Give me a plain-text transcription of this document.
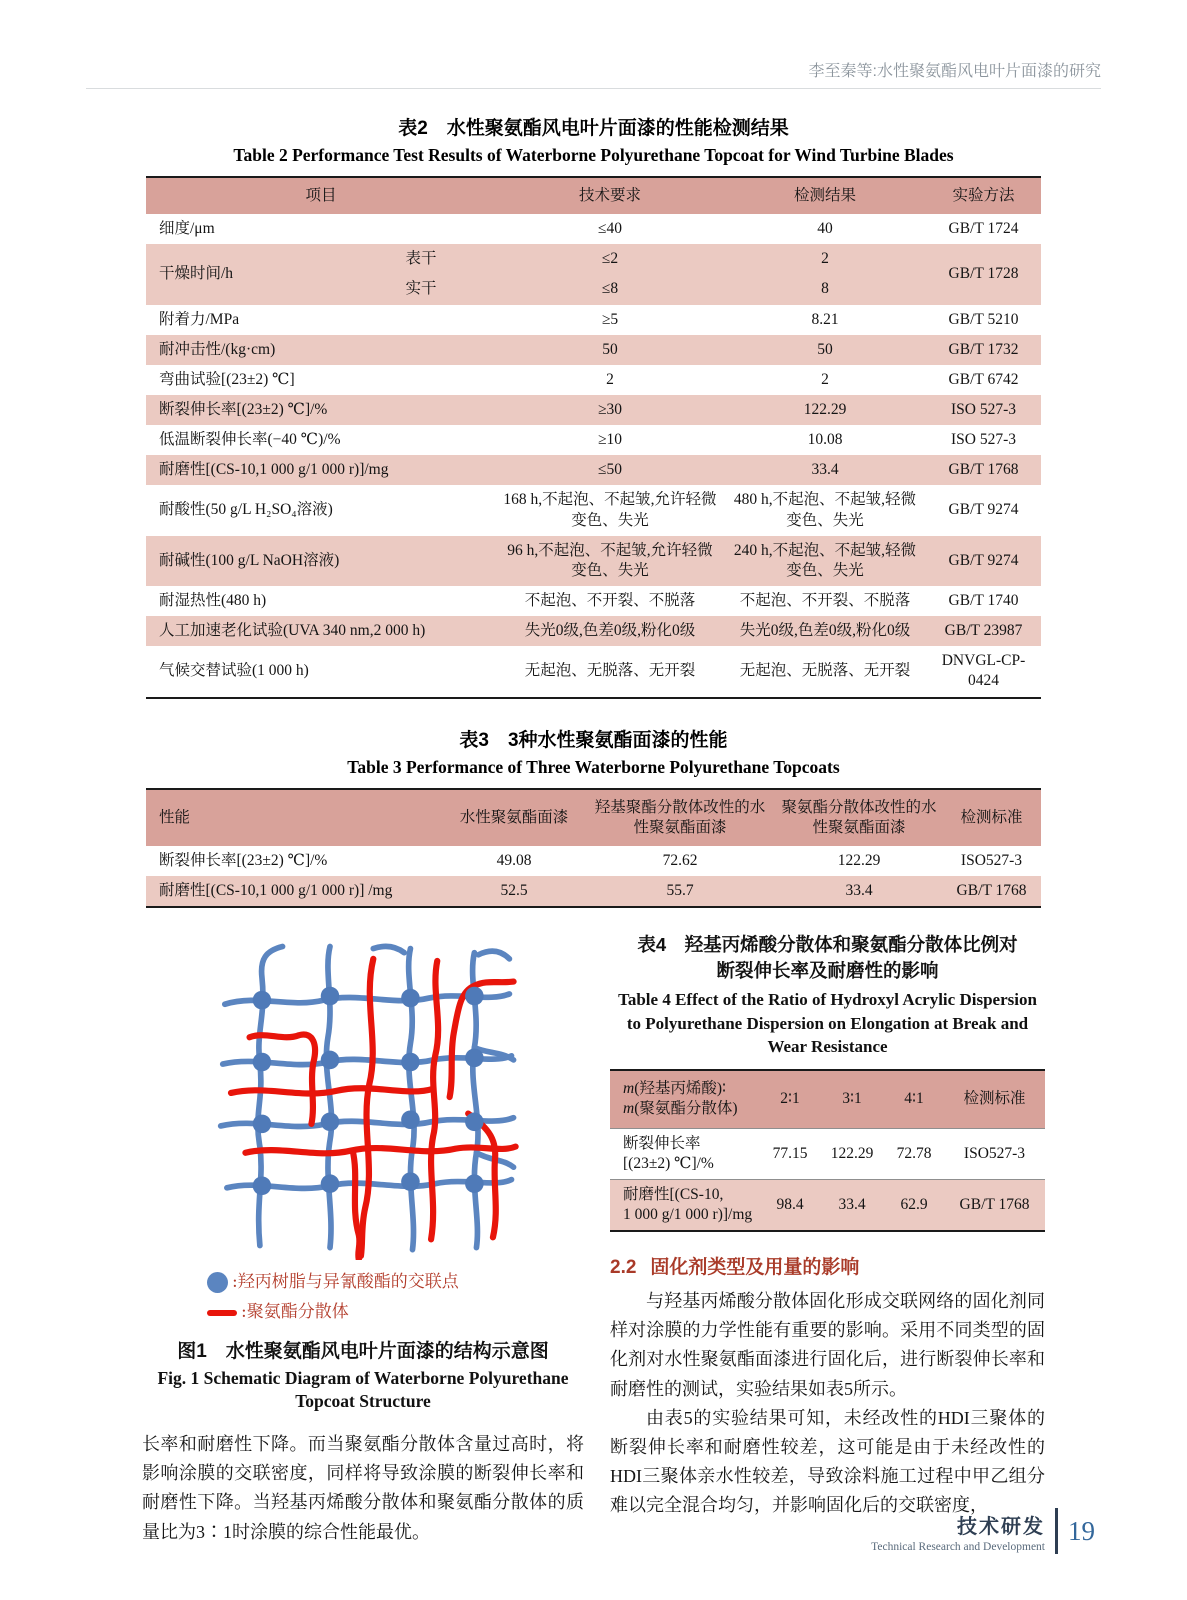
李至秦等:水性聚氨酯风电叶片面漆的研究
表2　水性聚氨酯风电叶片面漆的性能检测结果
Table 2 Performance Test Results of Waterborne Polyurethane Topcoat for Wind Turbine Blades
项目		技术要求	检测结果	实验方法
细度/μm		≤40	40	GB/T 1724
干燥时间/h	表干	≤2	2	GB/T 1728
	实干	≤8	8	
附着力/MPa		≥5	8.21	GB/T 5210
耐冲击性/(kg·cm)		50	50	GB/T 1732
弯曲试验[(23±2) ℃]		2	2	GB/T 6742
断裂伸长率[(23±2) ℃]/%		≥30	122.29	ISO 527-3
低温断裂伸长率(−40 ℃)/%		≥10	10.08	ISO 527-3
耐磨性[(CS-10,1 000 g/1 000 r)]/mg		≤50	33.4	GB/T 1768
耐酸性(50 g/L H₂SO₄溶液)		168 h,不起泡、不起皱,允许轻微变色、失光	480 h,不起泡、不起皱,轻微变色、失光	GB/T 9274
耐碱性(100 g/L NaOH溶液)		96 h,不起泡、不起皱,允许轻微变色、失光	240 h,不起泡、不起皱,轻微变色、失光	GB/T 9274
耐湿热性(480 h)		不起泡、不开裂、不脱落	不起泡、不开裂、不脱落	GB/T 1740
人工加速老化试验(UVA 340 nm,2 000 h)		失光0级,色差0级,粉化0级	失光0级,色差0级,粉化0级	GB/T 23987
气候交替试验(1 000 h)		无起泡、无脱落、无开裂	无起泡、无脱落、无开裂	DNVGL-CP-0424
表3　3种水性聚氨酯面漆的性能
Table 3 Performance of Three Waterborne Polyurethane Topcoats
性能	水性聚氨酯面漆	羟基聚酯分散体改性的水性聚氨酯面漆	聚氨酯分散体改性的水性聚氨酯面漆	检测标准
断裂伸长率[(23±2) ℃]/%	49.08	72.62	122.29	ISO527-3
耐磨性[(CS-10,1 000 g/1 000 r)] /mg	52.5	55.7	33.4	GB/T 1768
:羟丙树脂与异氰酸酯的交联点
:聚氨酯分散体
图1　水性聚氨酯风电叶片面漆的结构示意图
Fig. 1 Schematic Diagram of Waterborne Polyurethane Topcoat Structure

长率和耐磨性下降。而当聚氨酯分散体含量过高时，将影响涂膜的交联密度，同样将导致涂膜的断裂伸长率和耐磨性下降。当羟基丙烯酸分散体和聚氨酯分散体的质量比为3∶1时涂膜的综合性能最优。

表4　羟基丙烯酸分散体和聚氨酯分散体比例对
断裂伸长率及耐磨性的影响
Table 4 Effect of the Ratio of Hydroxyl Acrylic Dispersion to Polyurethane Dispersion on Elongation at Break and Wear Resistance
m(羟基丙烯酸)∶
m(聚氨酯分散体)	2∶1	3∶1	4∶1	检测标准

断裂伸长率
[(23±2) ℃]/%	77.15	122.29	72.78	ISO527-3

耐磨性[(CS-10,
1 000 g/1 000 r)]/mg	98.4	33.4	62.9	GB/T 1768
2.2 固化剂类型及用量的影响

与羟基丙烯酸分散体固化形成交联网络的固化剂同样对涂膜的力学性能有重要的影响。采用不同类型的固化剂对水性聚氨酯面漆进行固化后，进行断裂伸长率和耐磨性的测试，实验结果如表5所示。

由表5的实验结果可知，未经改性的HDI三聚体的断裂伸长率和耐磨性较差，这可能是由于未经改性的HDI三聚体亲水性较差，导致涂料施工过程中甲乙组分难以完全混合均匀，并影响固化后的交联密度，

技术研发
Technical Research and Development
19
